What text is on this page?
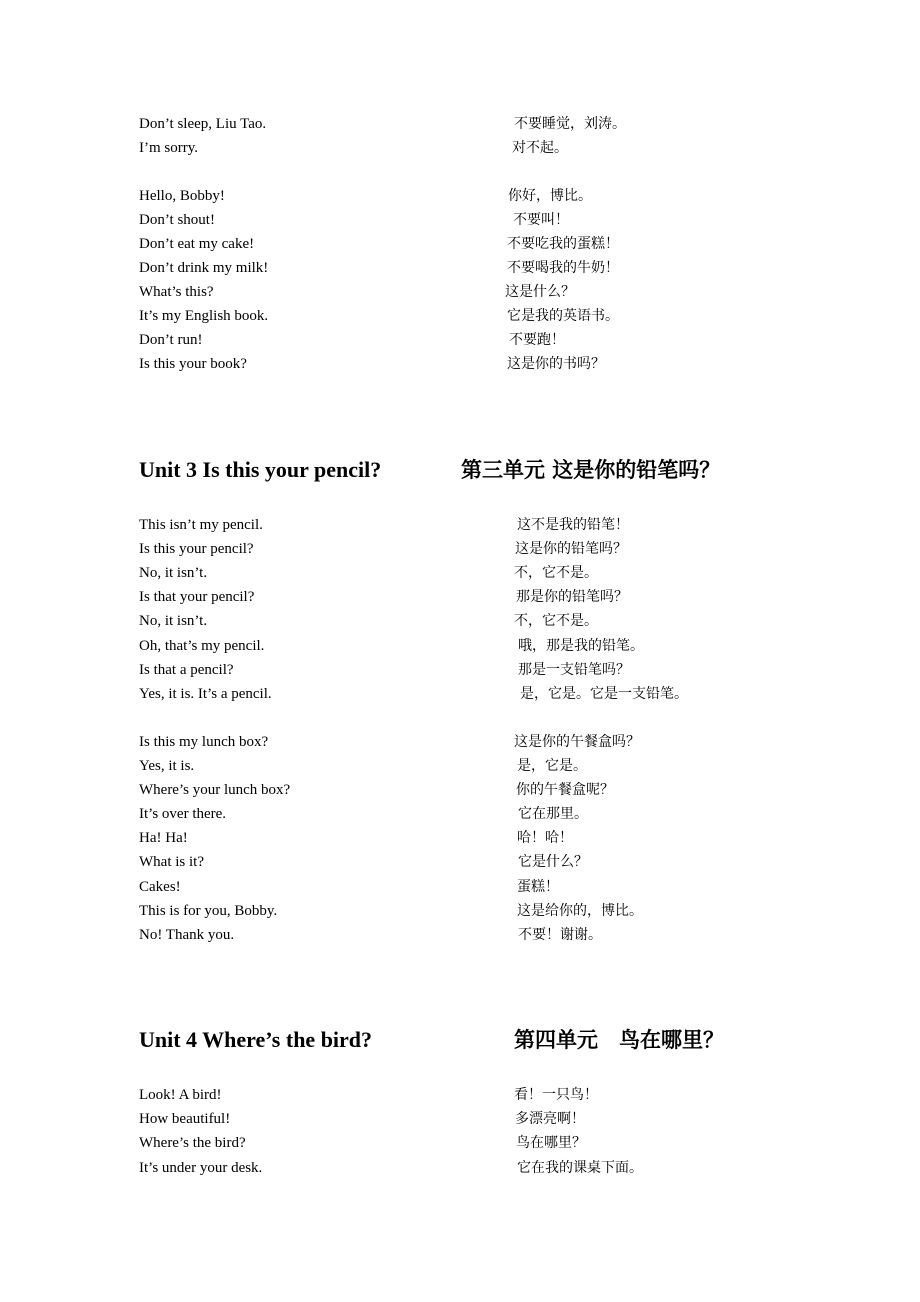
Don’t sleep, Liu Tao.	不要睡觉，刘涛。
I’m sorry.	对不起。
Hello, Bobby!	你好，博比。
Don’t shout!	不要叫！
Don’t eat my cake!	不要吃我的蛋糕！
Don’t drink my milk!	不要喝我的牛奶！
What’s this?	这是什么？
It’s my English book.	它是我的英语书。
Don’t run!	不要跑！
Is this your book?	这是你的书吗？
Unit 3 Is this your pencil?	第三单元 这是你的铅笔吗？
This isn’t my pencil.	这不是我的铅笔！
Is this your pencil?	这是你的铅笔吗？
No, it isn’t.	不，它不是。
Is that your pencil?	那是你的铅笔吗？
No, it isn’t.	不，它不是。
Oh, that’s my pencil.	哦，那是我的铅笔。
Is that a pencil?	那是一支铅笔吗？
Yes, it is. It’s a pencil.	是，它是。它是一支铅笔。
Is this my lunch box?	这是你的午餐盒吗？
Yes, it is.	是，它是。
Where’s your lunch box?	你的午餐盒呢？
It’s over there.	它在那里。
Ha! Ha!	哈！哈！
What is it?	它是什么？
Cakes!	蛋糕！
This is for you, Bobby.	这是给你的，博比。
No! Thank you.	不要！谢谢。
Unit 4 Where’s the bird?	第四单元　鸟在哪里？
Look! A bird!	看！一只鸟！
How beautiful!	多漂亮啊！
Where’s the bird?	鸟在哪里？
It’s under your desk.	它在我的课桌下面。
